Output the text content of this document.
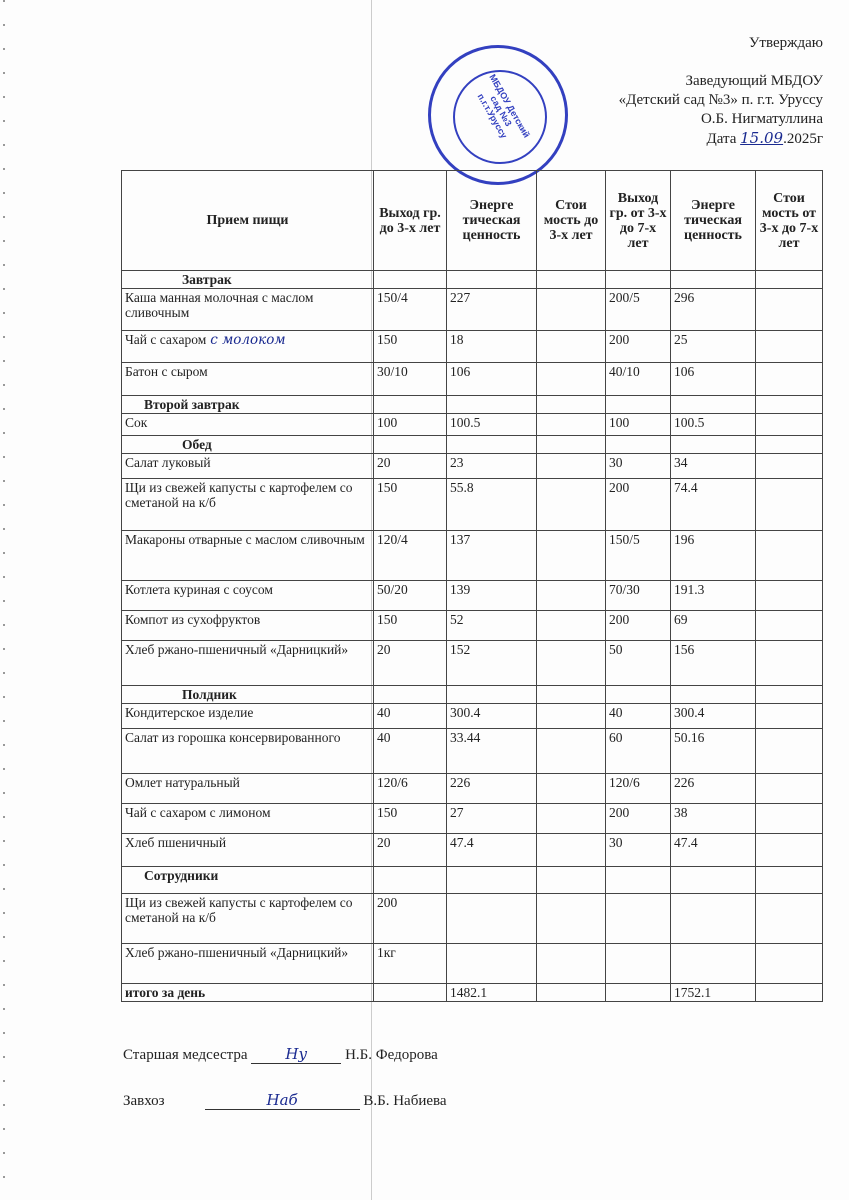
МБДОУ Детский сад №3 п.г.т.Уруссу
Утверждаю
Заведующий МБДОУ
«Детский сад №3» п. г.т. Уруссу
О.Б. Нигматуллина
Дата 15.09.2025г
Прием пищи	Выход гр. до 3-х лет	Энерге тическая ценность	Стои мость до 3-х лет	Выход гр. от 3-х до 7-х лет	Энерге тическая ценность	Стои мость от 3-х до 7-х лет
Завтрак						
Каша манная молочная с маслом сливочным	150/4	227		200/5	296	
Чай с сахаром с молоком	150	18		200	25	
Батон с сыром	30/10	106		40/10	106	
Второй завтрак						
Сок	100	100.5		100	100.5	
Обед						
Салат луковый	20	23		30	34	
Щи из свежей капусты с картофелем со сметаной на к/б	150	55.8		200	74.4	
Макароны отварные с маслом сливочным	120/4	137		150/5	196	
Котлета куриная с соусом	50/20	139		70/30	191.3	
Компот из сухофруктов	150	52		200	69	
Хлеб ржано-пшеничный «Дарницкий»	20	152		50	156	
Полдник						
Кондитерское изделие	40	300.4		40	300.4	
Салат из горошка консервированного	40	33.44		60	50.16	
Омлет натуральный	120/6	226		120/6	226	
Чай с сахаром с лимоном	150	27		200	38	
Хлеб пшеничный	20	47.4		30	47.4	
Сотрудники						
Щи из свежей капусты с картофелем со сметаной на к/б	200					
Хлеб ржано-пшеничный «Дарницкий»	1кг					
итого за день		1482.1			1752.1	
Старшая медсестра	Ну	Н.Б. Федорова
Завхоз	Наб	В.Б. Набиева
